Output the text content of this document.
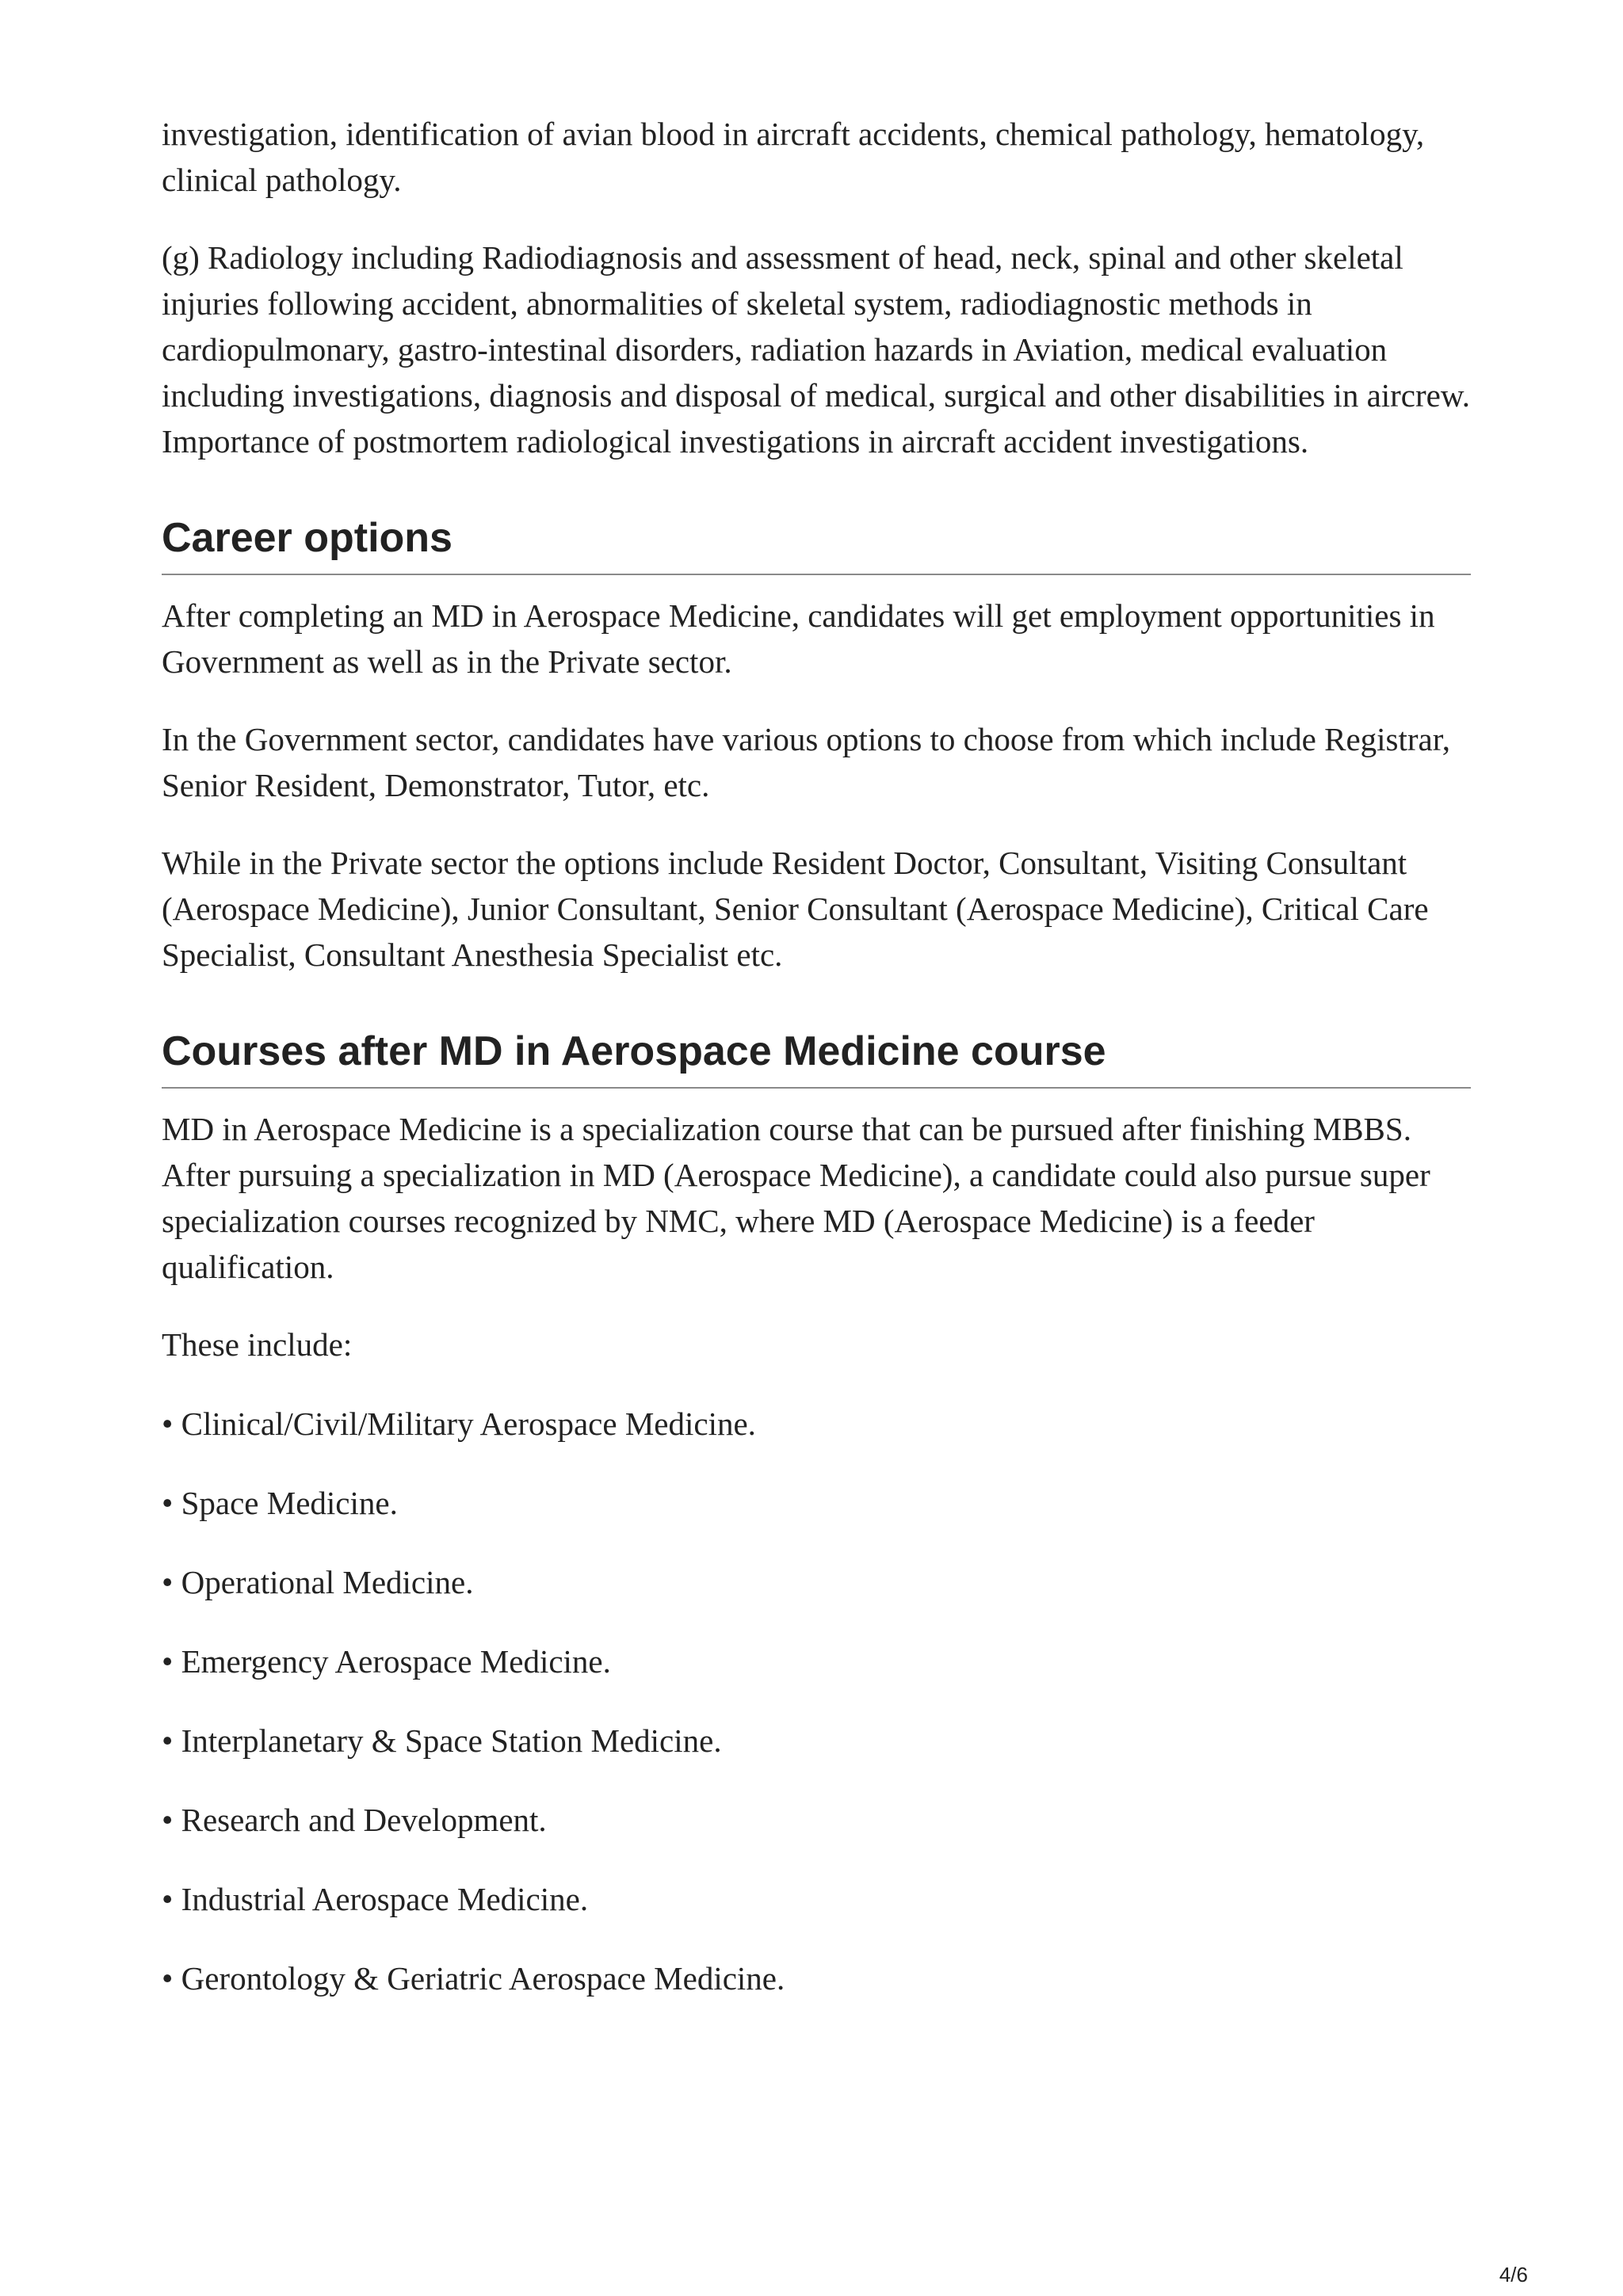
investigation, identification of avian blood in aircraft accidents, chemical pathology, hematology, clinical pathology.

(g) Radiology including Radiodiagnosis and assessment of head, neck, spinal and other skeletal injuries following accident, abnormalities of skeletal system, radiodiagnostic methods in cardiopulmonary, gastro-intestinal disorders, radiation hazards in Aviation, medical evaluation including investigations, diagnosis and disposal of medical, surgical and other disabilities in aircrew. Importance of postmortem radiological investigations in aircraft accident investigations.

Career options

After completing an MD in Aerospace Medicine, candidates will get employment opportunities in Government as well as in the Private sector.

In the Government sector, candidates have various options to choose from which include Registrar, Senior Resident, Demonstrator, Tutor, etc.

While in the Private sector the options include Resident Doctor, Consultant, Visiting Consultant (Aerospace Medicine), Junior Consultant, Senior Consultant (Aerospace Medicine), Critical Care Specialist, Consultant Anesthesia Specialist etc.

Courses after MD in Aerospace Medicine course

MD in Aerospace Medicine is a specialization course that can be pursued after finishing MBBS. After pursuing a specialization in MD (Aerospace Medicine), a candidate could also pursue super specialization courses recognized by NMC, where MD (Aerospace Medicine) is a feeder qualification.

These include:

• Clinical/Civil/Military Aerospace Medicine.

• Space Medicine.

• Operational Medicine.

• Emergency Aerospace Medicine.

• Interplanetary & Space Station Medicine.

• Research and Development.

• Industrial Aerospace Medicine.

• Gerontology & Geriatric Aerospace Medicine.

4/6
